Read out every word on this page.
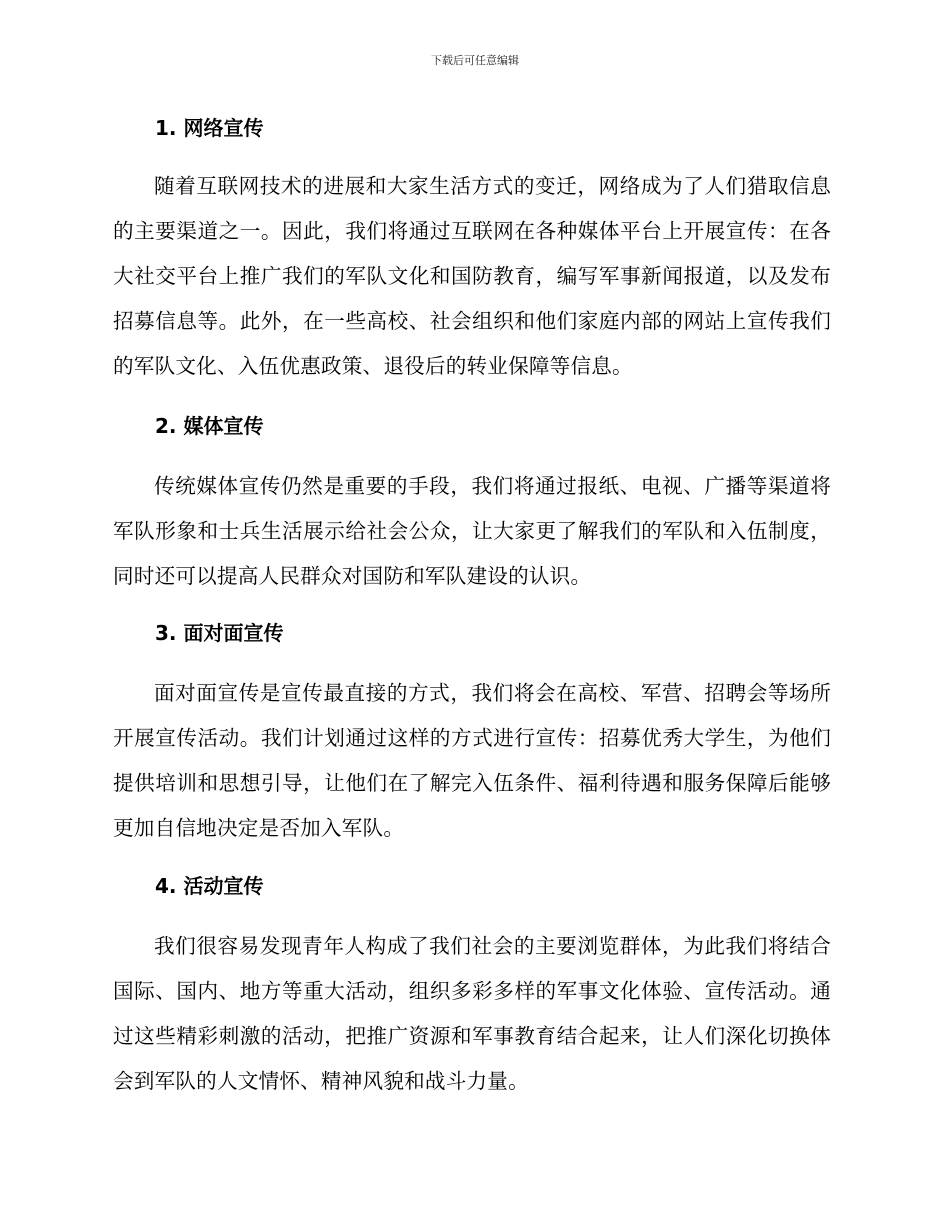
下载后可任意编辑
1. 网络宣传

随着互联网技术的进展和大家生活方式的变迁，网络成为了人们猎取信息的主要渠道之一。因此，我们将通过互联网在各种媒体平台上开展宣传：在各大社交平台上推广我们的军队文化和国防教育，编写军事新闻报道，以及发布招募信息等。此外，在一些高校、社会组织和他们家庭内部的网站上宣传我们的军队文化、入伍优惠政策、退役后的转业保障等信息。

2. 媒体宣传

传统媒体宣传仍然是重要的手段，我们将通过报纸、电视、广播等渠道将军队形象和士兵生活展示给社会公众，让大家更了解我们的军队和入伍制度，同时还可以提高人民群众对国防和军队建设的认识。

3. 面对面宣传

面对面宣传是宣传最直接的方式，我们将会在高校、军营、招聘会等场所开展宣传活动。我们计划通过这样的方式进行宣传：招募优秀大学生，为他们提供培训和思想引导，让他们在了解完入伍条件、福利待遇和服务保障后能够更加自信地决定是否加入军队。

4. 活动宣传

我们很容易发现青年人构成了我们社会的主要浏览群体，为此我们将结合国际、国内、地方等重大活动，组织多彩多样的军事文化体验、宣传活动。通过这些精彩刺激的活动，把推广资源和军事教育结合起来，让人们深化切换体会到军队的人文情怀、精神风貌和战斗力量。
